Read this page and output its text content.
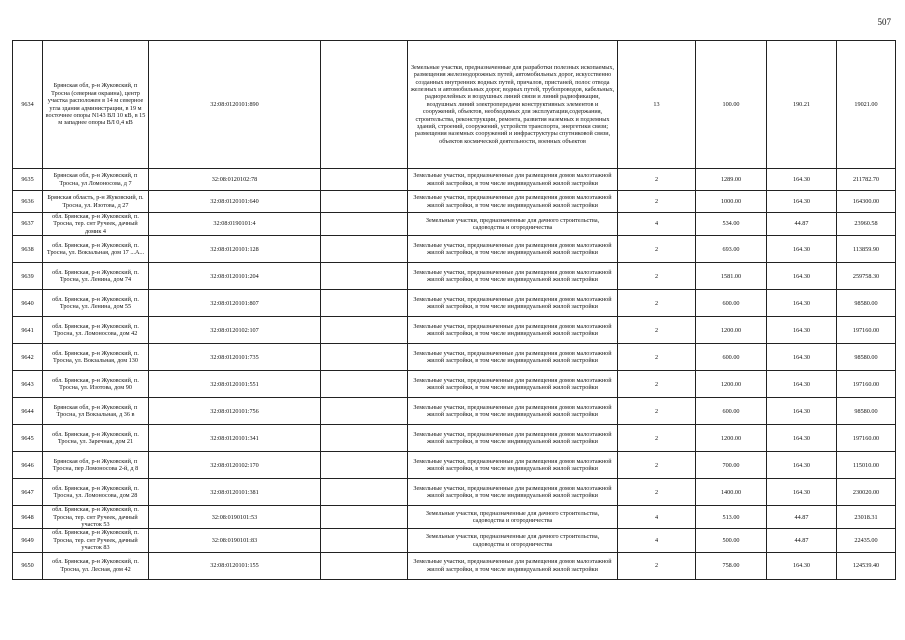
507
9634	Брянская обл, р-н Жуковский, п Тросна (северная окраина), центр участка расположен в 14 м северное угла здания администрации, в 19 м восточнее опоры N143 ВЛ 10 кВ, в 15 м западнее опоры ВЛ 0,4 кВ	32:08:0120101:890		Земельные участки, предназначенные для разработки полезных ископаемых, размещения железнодорожных путей, автомобильных дорог, искусственно созданных внутренних водных путей, причалов, пристаней, полос отвода железных и автомобильных дорог, водных путей, трубопроводов, кабельных, радиорелейных и воздушных линий связи и линий радиофикации, воздушных линий электропередачи конструктивных элементов и сооружений, объектов, необходимых для эксплуатации,содержания, строительства, реконструкции, ремонта, развития наземных и подземных зданий, строений, сооружений, устройств транспорта, энергетики связи; размещения наземных сооружений и инфраструктуры спутниковой связи, объектов космической деятельности, военных объектов	13	100.00	190.21	19021.00
9635	Брянская обл, р-н Жуковский, п Тросна, ул Ломоносова, д 7	32:08:0120102:78		Земельные участки, предназначенные для размещения домов малоэтажной жилой застройки, в том числе индивидуальной жилой застройки	2	1289.00	164.30	211782.70
9636	Брянская область, р-н Жуковский, п. Тросна, ул. Изотова, д 27	32:08:0120101:640		Земельные участки, предназначенные для размещения домов малоэтажной жилой застройки, в том числе индивидуальной жилой застройки	2	1000.00	164.30	164300.00
9637	обл. Брянская, р-н Жуковский, п. Тросна, тер. снт Ручеек, дачный домик 4	32:08:0190101:4		Земельные участки, предназначенные для дачного строительства, садоводства и огородничества	4	534.00	44.87	23960.58
9638	обл. Брянская, р-н Жуковский, п. Тросна, ул. Вокзальная, дом 17 ...А...	32:08:0120101:128		Земельные участки, предназначенные для размещения домов малоэтажной жилой застройки, в том числе индивидуальной жилой застройки	2	693.00	164.30	113859.90
9639	обл. Брянская, р-н Жуковский, п. Тросна, ул. Ленина, дом 74	32:08:0120101:204		Земельные участки, предназначенные для размещения домов малоэтажной жилой застройки, в том числе индивидуальной жилой застройки	2	1581.00	164.30	259758.30
9640	обл. Брянская, р-н Жуковский, п. Тросна, ул. Ленина, дом 55	32:08:0120101:807		Земельные участки, предназначенные для размещения домов малоэтажной жилой застройки, в том числе индивидуальной жилой застройки	2	600.00	164.30	98580.00
9641	обл. Брянская, р-н Жуковский, п. Тросна, ул. Ломоносова, дом 42	32:08:0120102:107		Земельные участки, предназначенные для размещения домов малоэтажной жилой застройки, в том числе индивидуальной жилой застройки	2	1200.00	164.30	197160.00
9642	обл. Брянская, р-н Жуковский, п. Тросна, ул. Вокзальная, дом 130	32:08:0120101:735		Земельные участки, предназначенные для размещения домов малоэтажной жилой застройки, в том числе индивидуальной жилой застройки	2	600.00	164.30	98580.00
9643	обл. Брянская, р-н Жуковский, п. Тросна, ул. Изотова, дом 90	32:08:0120101:551		Земельные участки, предназначенные для размещения домов малоэтажной жилой застройки, в том числе индивидуальной жилой застройки	2	1200.00	164.30	197160.00
9644	Брянская обл, р-н Жуковский, п Тросна, ул Вокзальная, д 36 в	32:08:0120101:756		Земельные участки, предназначенные для размещения домов малоэтажной жилой застройки, в том числе индивидуальной жилой застройки	2	600.00	164.30	98580.00
9645	обл. Брянская, р-н Жуковский, п. Тросна, ул. Заречная, дом 21	32:08:0120101:341		Земельные участки, предназначенные для размещения домов малоэтажной жилой застройки, в том числе индивидуальной жилой застройки	2	1200.00	164.30	197160.00
9646	Брянская обл, р-н Жуковский, п Тросна, пер Ломоносова 2-й, д 8	32:08:0120102:170		Земельные участки, предназначенные для размещения домов малоэтажной жилой застройки, в том числе индивидуальной жилой застройки	2	700.00	164.30	115010.00
9647	обл. Брянская, р-н Жуковский, п. Тросна, ул. Ломоносова, дом 28	32:08:0120101:381		Земельные участки, предназначенные для размещения домов малоэтажной жилой застройки, в том числе индивидуальной жилой застройки	2	1400.00	164.30	230020.00
9648	обл. Брянская, р-н Жуковский, п. Тросна, тер. снт Ручеек, дачный участок 53	32:08:0190101:53		Земельные участки, предназначенные для дачного строительства, садоводства и огородничества	4	513.00	44.87	23018.31
9649	обл. Брянская, р-н Жуковский, п. Тросна, тер. снт Ручеек, дачный участок 83	32:08:0190101:83		Земельные участки, предназначенные для дачного строительства, садоводства и огородничества	4	500.00	44.87	22435.00
9650	обл. Брянская, р-н Жуковский, п. Тросна, ул. Лесная, дом 42	32:08:0120101:155		Земельные участки, предназначенные для размещения домов малоэтажной жилой застройки, в том числе индивидуальной жилой застройки	2	758.00	164.30	124539.40
